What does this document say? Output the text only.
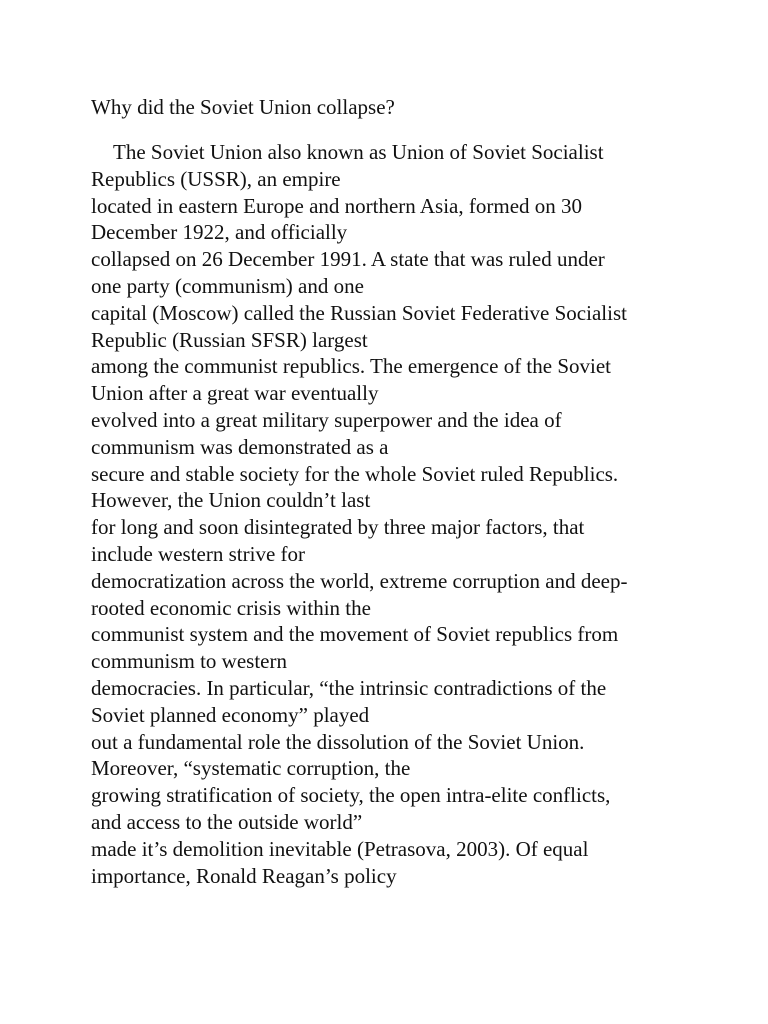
Why did the Soviet Union collapse?
The Soviet Union also known as Union of Soviet Socialist
Republics (USSR), an empire
located in eastern Europe and northern Asia, formed on 30
December 1922, and officially
collapsed on 26 December 1991. A state that was ruled under
one party (communism) and one
capital (Moscow) called the Russian Soviet Federative Socialist
Republic (Russian SFSR) largest
among the communist republics. The emergence of the Soviet
Union after a great war eventually
evolved into a great military superpower and the idea of
communism was demonstrated as a
secure and stable society for the whole Soviet ruled Republics.
However, the Union couldn’t last
for long and soon disintegrated by three major factors, that
include western strive for
democratization across the world, extreme corruption and deep-
rooted economic crisis within the
communist system and the movement of Soviet republics from
communism to western
democracies. In particular, “the intrinsic contradictions of the
Soviet planned economy” played
out a fundamental role the dissolution of the Soviet Union.
Moreover, “systematic corruption, the
growing stratification of society, the open intra-elite conflicts,
and access to the outside world”
made it’s demolition inevitable (Petrasova, 2003). Of equal
importance, Ronald Reagan’s policy
